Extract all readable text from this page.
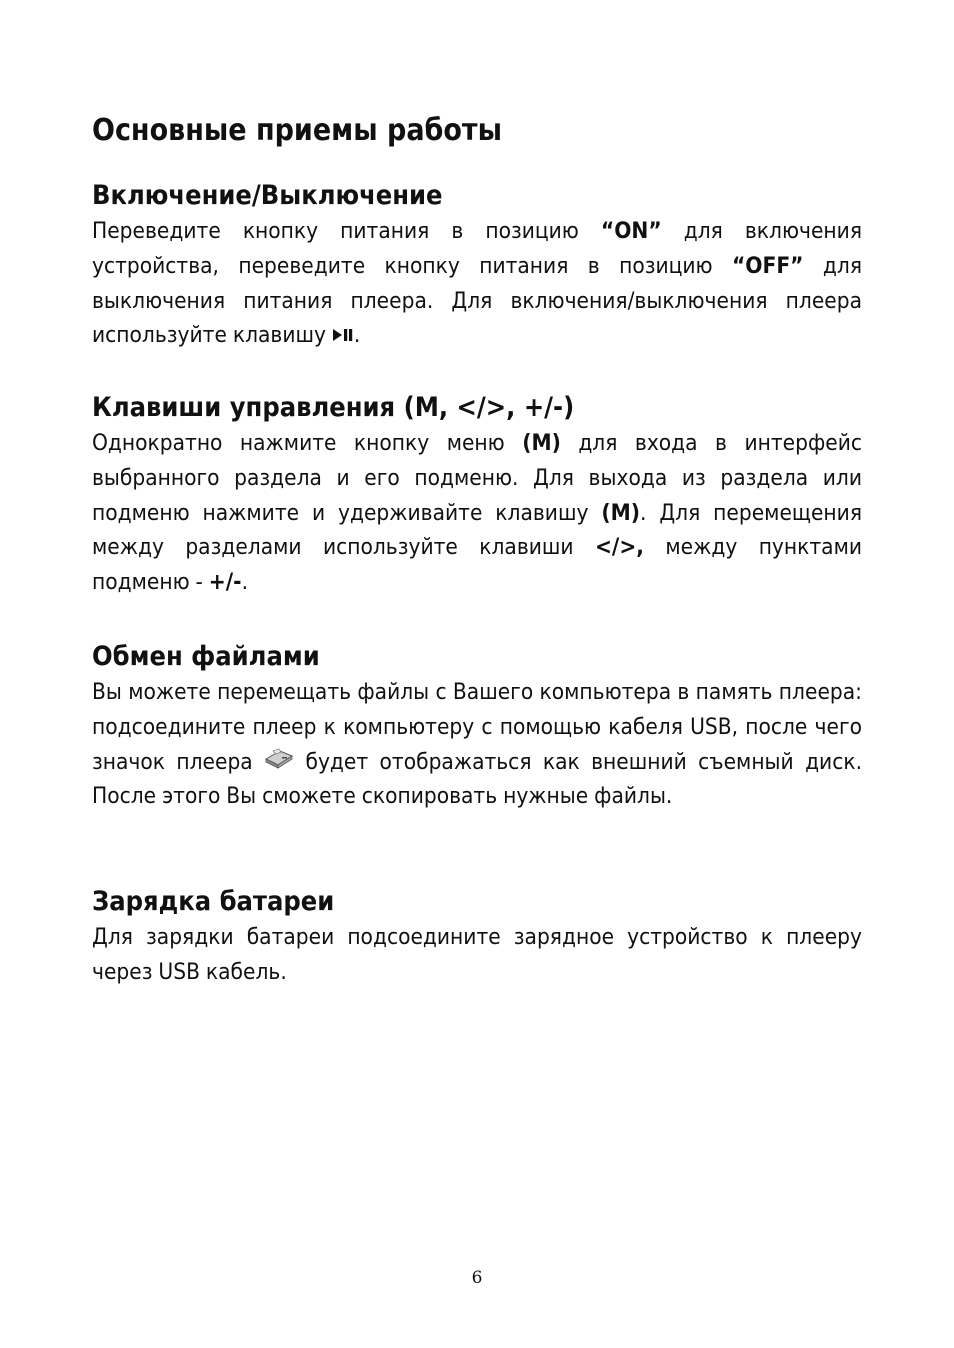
Основные приемы работы
Включение/Выключение

Переведите кнопку питания в позицию “ON” для включения устройства, переведите кнопку питания в позицию “OFF” для выключения питания плеера. Для включения/выключения плеера используйте клавишу .

Клавиши управления (M, </>, +/-)

Однократно нажмите кнопку меню (M) для входа в интерфейс выбранного раздела и его подменю. Для выхода из раздела или подменю нажмите и удерживайте клавишу (M). Для перемещения между разделами используйте клавиши </>, между пунктами подменю - +/-.

Обмен файлами

Вы можете перемещать файлы с Вашего компьютера в память плеера: подсоедините плеер к компьютеру с помощью кабеля USB, после чего значок плеера  будет отображаться как внешний съемный диск. После этого Вы сможете скопировать нужные файлы.

Зарядка батареи

Для зарядки батареи подсоедините зарядное устройство к плееру через USB кабель.

6
